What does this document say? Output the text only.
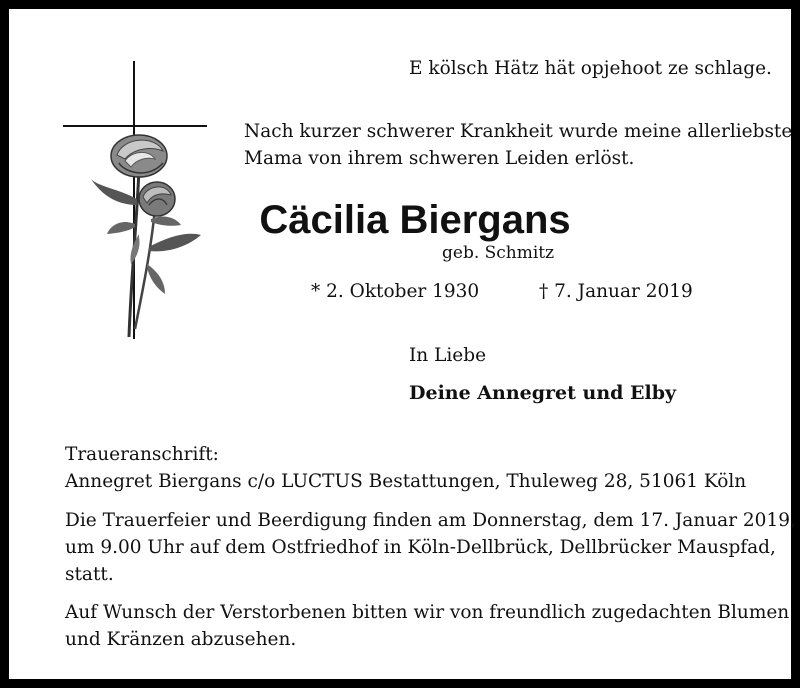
E kölsch Hätz hät opjehoot ze schlage.
Nach kurzer schwerer Krankheit wurde meine allerliebste
Mama von ihrem schweren Leiden erlöst.
Cäcilia Biergans
geb. Schmitz
* 2. Oktober 1930	† 7. Januar 2019
In Liebe
Deine Annegret und Elby
Traueranschrift:
Annegret Biergans c/o LUCTUS Bestattungen, Thuleweg 28, 51061 Köln
Die Trauerfeier und Beerdigung finden am Donnerstag, dem 17. Januar 2019,
um 9.00 Uhr auf dem Ostfriedhof in Köln-Dellbrück, Dellbrücker Mauspfad,
statt.
Auf Wunsch der Verstorbenen bitten wir von freundlich zugedachten Blumen
und Kränzen abzusehen.
